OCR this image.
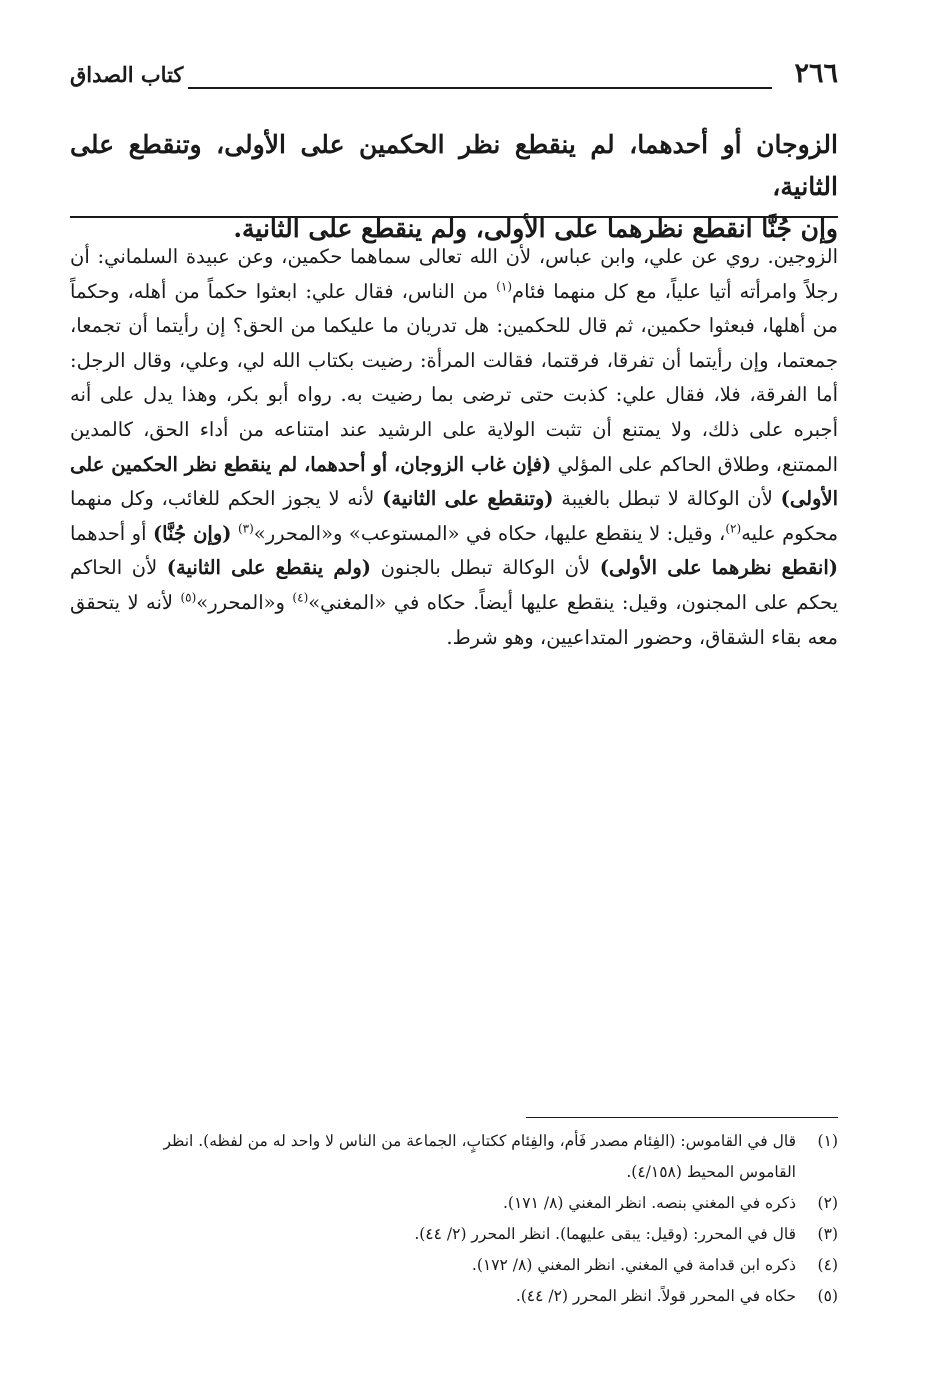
٢٦٦
كتاب الصداق

الزوجان أو أحدهما، لم ينقطع نظر الحكمين على الأولى، وتنقطع على الثانية،

وإن جُنَّا انقطع نظرهما على الأولى، ولم ينقطع على الثانية.

الزوجين. روي عن علي، وابن عباس، لأن الله تعالى سماهما حكمين، وعن عبيدة السلماني: أن رجلاً وامرأته أتيا علياً، مع كل منهما فئام$^{(١)}$ من الناس، فقال علي: ابعثوا حكماً من أهله، وحكماً من أهلها، فبعثوا حكمين، ثم قال للحكمين: هل تدريان ما عليكما من الحق؟ إن رأيتما أن تجمعا، جمعتما، وإن رأيتما أن تفرقا، فرقتما، فقالت المرأة: رضيت بكتاب الله لي، وعلي، وقال الرجل: أما الفرقة، فلا، فقال علي: كذبت حتى ترضى بما رضيت به. رواه أبو بكر، وهذا يدل على أنه أجبره على ذلك، ولا يمتنع أن تثبت الولاية على الرشيد عند امتناعه من أداء الحق، كالمدين الممتنع، وطلاق الحاكم على المؤلي (فإن غاب الزوجان، أو أحدهما، لم ينقطع نظر الحكمين على الأولى) لأن الوكالة لا تبطل بالغيبة (وتنقطع على الثانية) لأنه لا يجوز الحكم للغائب، وكل منهما محكوم عليه$^{(٢)}$، وقيل: لا ينقطع عليها، حكاه في «المستوعب» و«المحرر»$^{(٣)}$ (وإن جُنَّا) أو أحدهما (انقطع نظرهما على الأولى) لأن الوكالة تبطل بالجنون (ولم ينقطع على الثانية) لأن الحاكم يحكم على المجنون، وقيل: ينقطع عليها أيضاً. حكاه في «المغني»$^{(٤)}$ و«المحرر»$^{(٥)}$ لأنه لا يتحقق معه بقاء الشقاق، وحضور المتداعيين، وهو شرط.

(١)

قال في القاموس: (الفِئام مصدر فَأم، والفِئام ككتابٍ، الجماعة من الناس لا واحد له من لفظه). انظر

القاموس المحيط (٤/١٥٨).

(٢)

ذكره في المغني بنصه. انظر المغني (٨/ ١٧١).

(٣)

قال في المحرر: (وقيل: يبقى عليهما). انظر المحرر (٢/ ٤٤).

(٤)

ذكره ابن قدامة في المغني. انظر المغني (٨/ ١٧٢).

(٥)

حكاه في المحرر قولاً. انظر المحرر (٢/ ٤٤).
